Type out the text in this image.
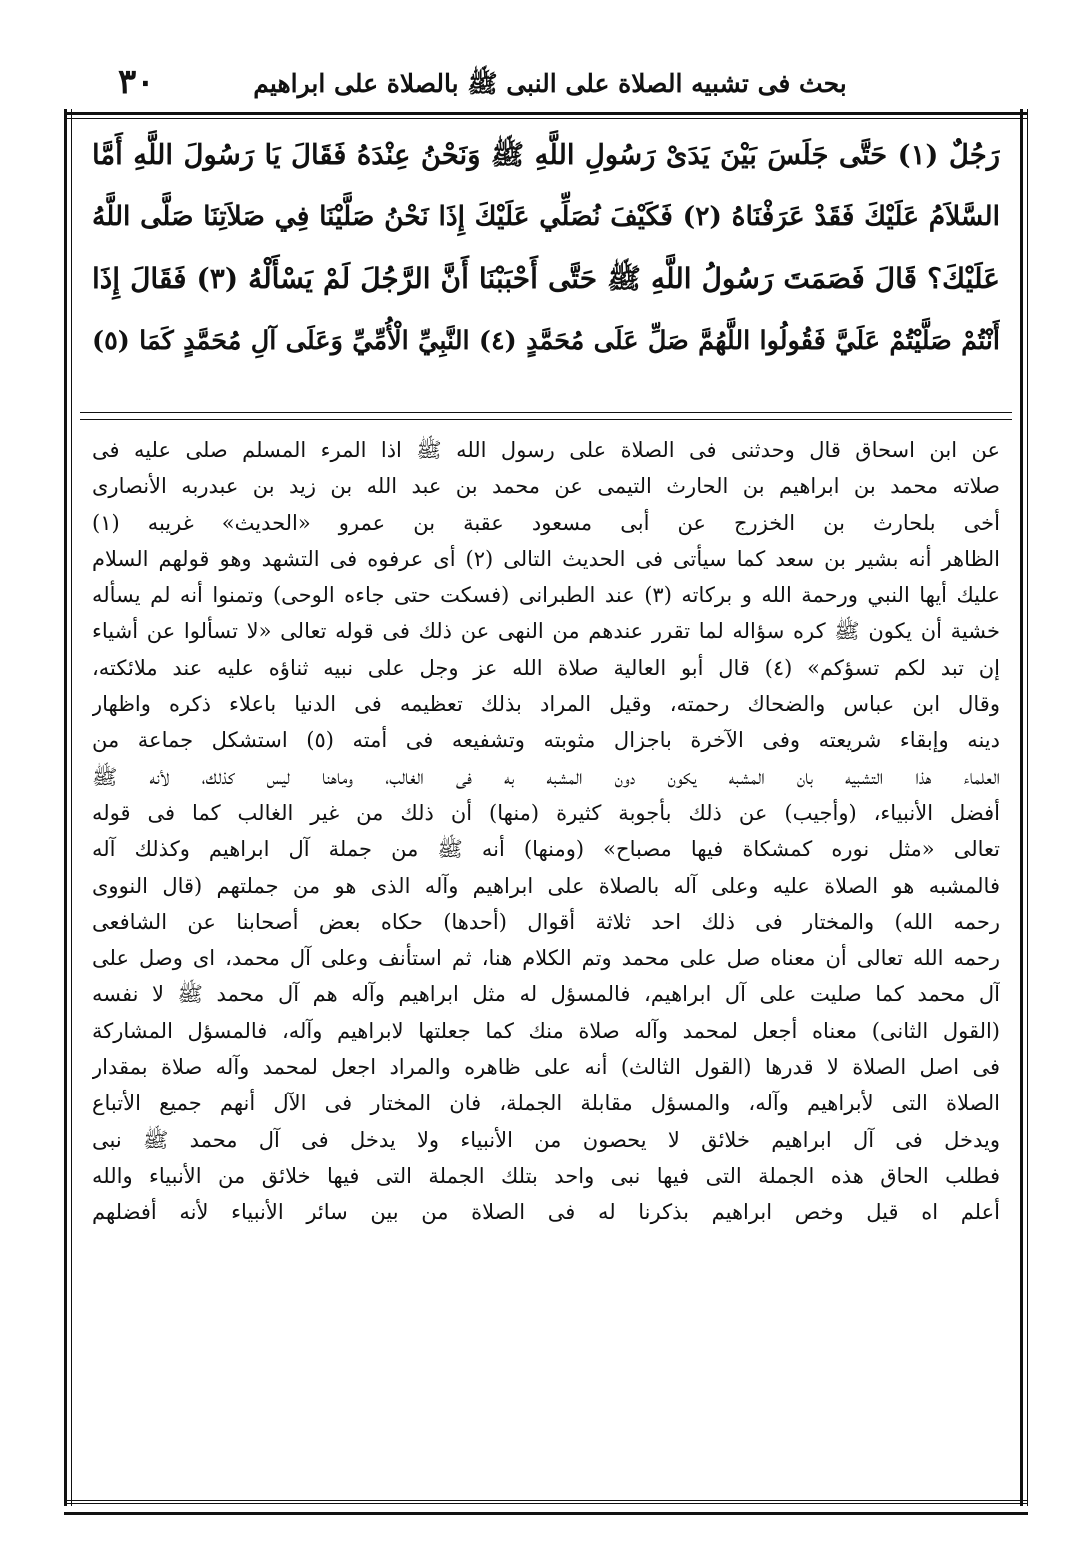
٣٠	بحث فى تشبيه الصلاة على النبى ﷺ بالصلاة على ابراهيم
رَجُلٌ (١) حَتَّى جَلَسَ بَيْنَ يَدَىْ رَسُولِ اللَّهِ ﷺ وَنَحْنُ عِنْدَهُ فَقَالَ يَا رَسُولَ اللَّهِ أَمَّا
السَّلاَمُ عَلَيْكَ فَقَدْ عَرَفْنَاهُ (٢) فَكَيْفَ نُصَلِّي عَلَيْكَ إِذَا نَحْنُ صَلَّيْنَا فِي صَلاَتِنَا صَلَّى اللَّهُ
عَلَيْكَ؟ قَالَ فَصَمَتَ رَسُولُ اللَّهِ ﷺ حَتَّى أَحْبَبْنَا أَنَّ الرَّجُلَ لَمْ يَسْأَلْهُ (٣) فَقَالَ إِذَا
أَنْتُمْ صَلَّيْتُمْ عَلَيَّ فَقُولُوا اللَّهُمَّ صَلِّ عَلَى مُحَمَّدٍ (٤) النَّبِيِّ الْأُمِّيِّ وَعَلَى آلِ مُحَمَّدٍ كَمَا (٥)
عن ابن اسحاق قال وحدثنى فى الصلاة على رسول الله ﷺ اذا المرء المسلم صلى عليه فى
صلاته محمد بن ابراهيم بن الحارث التيمى عن محمد بن عبد الله بن زيد بن عبدربه الأنصارى
أخى بلحارث بن الخزرج عن أبى مسعود عقبة بن عمرو «الحديث» غريبه (١)
الظاهر أنه بشير بن سعد كما سيأتى فى الحديث التالى (٢) أى عرفوه فى التشهد وهو قولهم السلام
عليك أيها النبي ورحمة الله و بركاته (٣) عند الطبرانى (فسكت حتى جاءه الوحى) وتمنوا أنه لم يسأله
خشية أن يكون ﷺ كره سؤاله لما تقرر عندهم من النهى عن ذلك فى قوله تعالى «لا تسألوا عن أشياء
إن تبد لكم تسؤكم» (٤) قال أبو العالية صلاة الله عز وجل على نبيه ثناؤه عليه عند ملائكته،
وقال ابن عباس والضحاك رحمته، وقيل المراد بذلك تعظيمه فى الدنيا باعلاء ذكره واظهار
دينه وإبقاء شريعته وفى الآخرة باجزال مثوبته وتشفيعه فى أمته (٥) استشكل جماعة من
العلماء هذا التشبيه بان المشبه يكون دون المشبه به فى الغالب، وماهنا ليس كذلك، لأنه ﷺ
أفضل الأنبياء، (وأجيب) عن ذلك بأجوبة كثيرة (منها) أن ذلك من غير الغالب كما فى قوله
تعالى «مثل نوره كمشكاة فيها مصباح» (ومنها) أنه ﷺ من جملة آل ابراهيم وكذلك آله
فالمشبه هو الصلاة عليه وعلى آله بالصلاة على ابراهيم وآله الذى هو من جملتهم (قال النووى
رحمه الله) والمختار فى ذلك احد ثلاثة أقوال (أحدها) حكاه بعض أصحابنا عن الشافعى
رحمه الله تعالى أن معناه صل على محمد وتم الكلام هنا، ثم استأنف وعلى آل محمد، اى وصل على
آل محمد كما صليت على آل ابراهيم، فالمسؤل له مثل ابراهيم وآله هم آل محمد ﷺ لا نفسه
(القول الثانى) معناه أجعل لمحمد وآله صلاة منك كما جعلتها لابراهيم وآله، فالمسؤل المشاركة
فى اصل الصلاة لا قدرها (القول الثالث) أنه على ظاهره والمراد اجعل لمحمد وآله صلاة بمقدار
الصلاة التى لأبراهيم وآله، والمسؤل مقابلة الجملة، فان المختار فى الآل أنهم جميع الأتباع
ويدخل فى آل ابراهيم خلائق لا يحصون من الأنبياء ولا يدخل فى آل محمد ﷺ نبى
فطلب الحاق هذه الجملة التى فيها نبى واحد بتلك الجملة التى فيها خلائق من الأنبياء والله
أعلم اه قيل وخص ابراهيم بذكرنا له فى الصلاة من بين سائر الأنبياء لأنه أفضلهم
